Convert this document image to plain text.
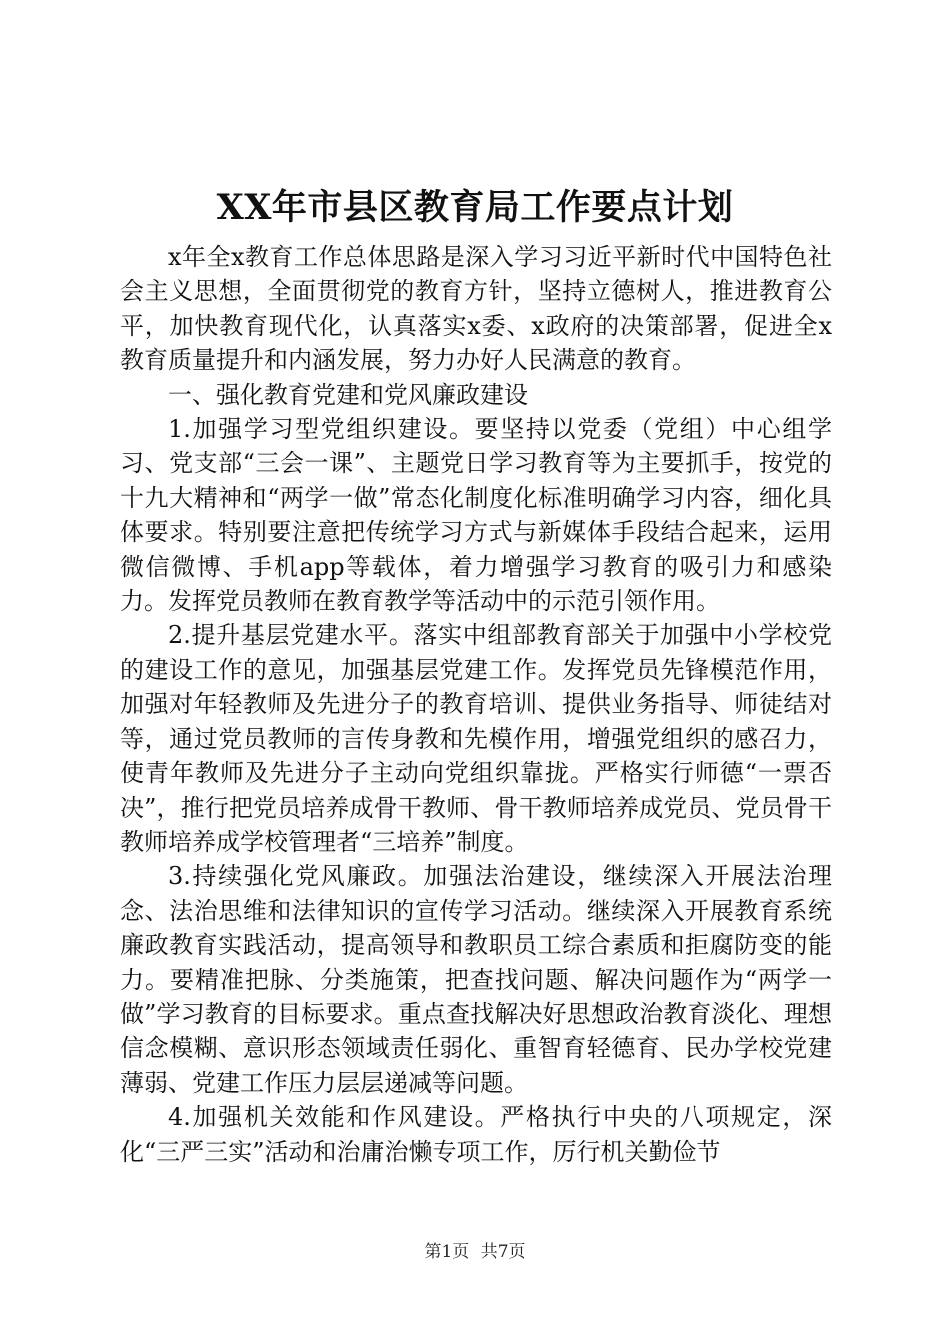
XX年市县区教育局工作要点计划

x年全x教育工作总体思路是深入学习习近平新时代中国特色社会主义思想，全面贯彻党的教育方针，坚持立德树人，推进教育公平，加快教育现代化，认真落实x委、x政府的决策部署，促进全x教育质量提升和内涵发展，努力办好人民满意的教育。

一、强化教育党建和党风廉政建设

1.加强学习型党组织建设。要坚持以党委（党组）中心组学习、党支部“三会一课”、主题党日学习教育等为主要抓手，按党的十九大精神和“两学一做”常态化制度化标准明确学习内容，细化具体要求。特别要注意把传统学习方式与新媒体手段结合起来，运用微信微博、手机app等载体，着力增强学习教育的吸引力和感染力。发挥党员教师在教育教学等活动中的示范引领作用。

2.提升基层党建水平。落实中组部教育部关于加强中小学校党的建设工作的意见，加强基层党建工作。发挥党员先锋模范作用，加强对年轻教师及先进分子的教育培训、提供业务指导、师徒结对等，通过党员教师的言传身教和先模作用，增强党组织的感召力，使青年教师及先进分子主动向党组织靠拢。严格实行师德“一票否决”，推行把党员培养成骨干教师、骨干教师培养成党员、党员骨干教师培养成学校管理者“三培养”制度。

3.持续强化党风廉政。加强法治建设，继续深入开展法治理念、法治思维和法律知识的宣传学习活动。继续深入开展教育系统廉政教育实践活动，提高领导和教职员工综合素质和拒腐防变的能力。要精准把脉、分类施策，把查找问题、解决问题作为“两学一做”学习教育的目标要求。重点查找解决好思想政治教育淡化、理想信念模糊、意识形态领域责任弱化、重智育轻德育、民办学校党建薄弱、党建工作压力层层递减等问题。

4.加强机关效能和作风建设。严格执行中央的八项规定，深化“三严三实”活动和治庸治懒专项工作，厉行机关勤俭节

第1页 共7页
